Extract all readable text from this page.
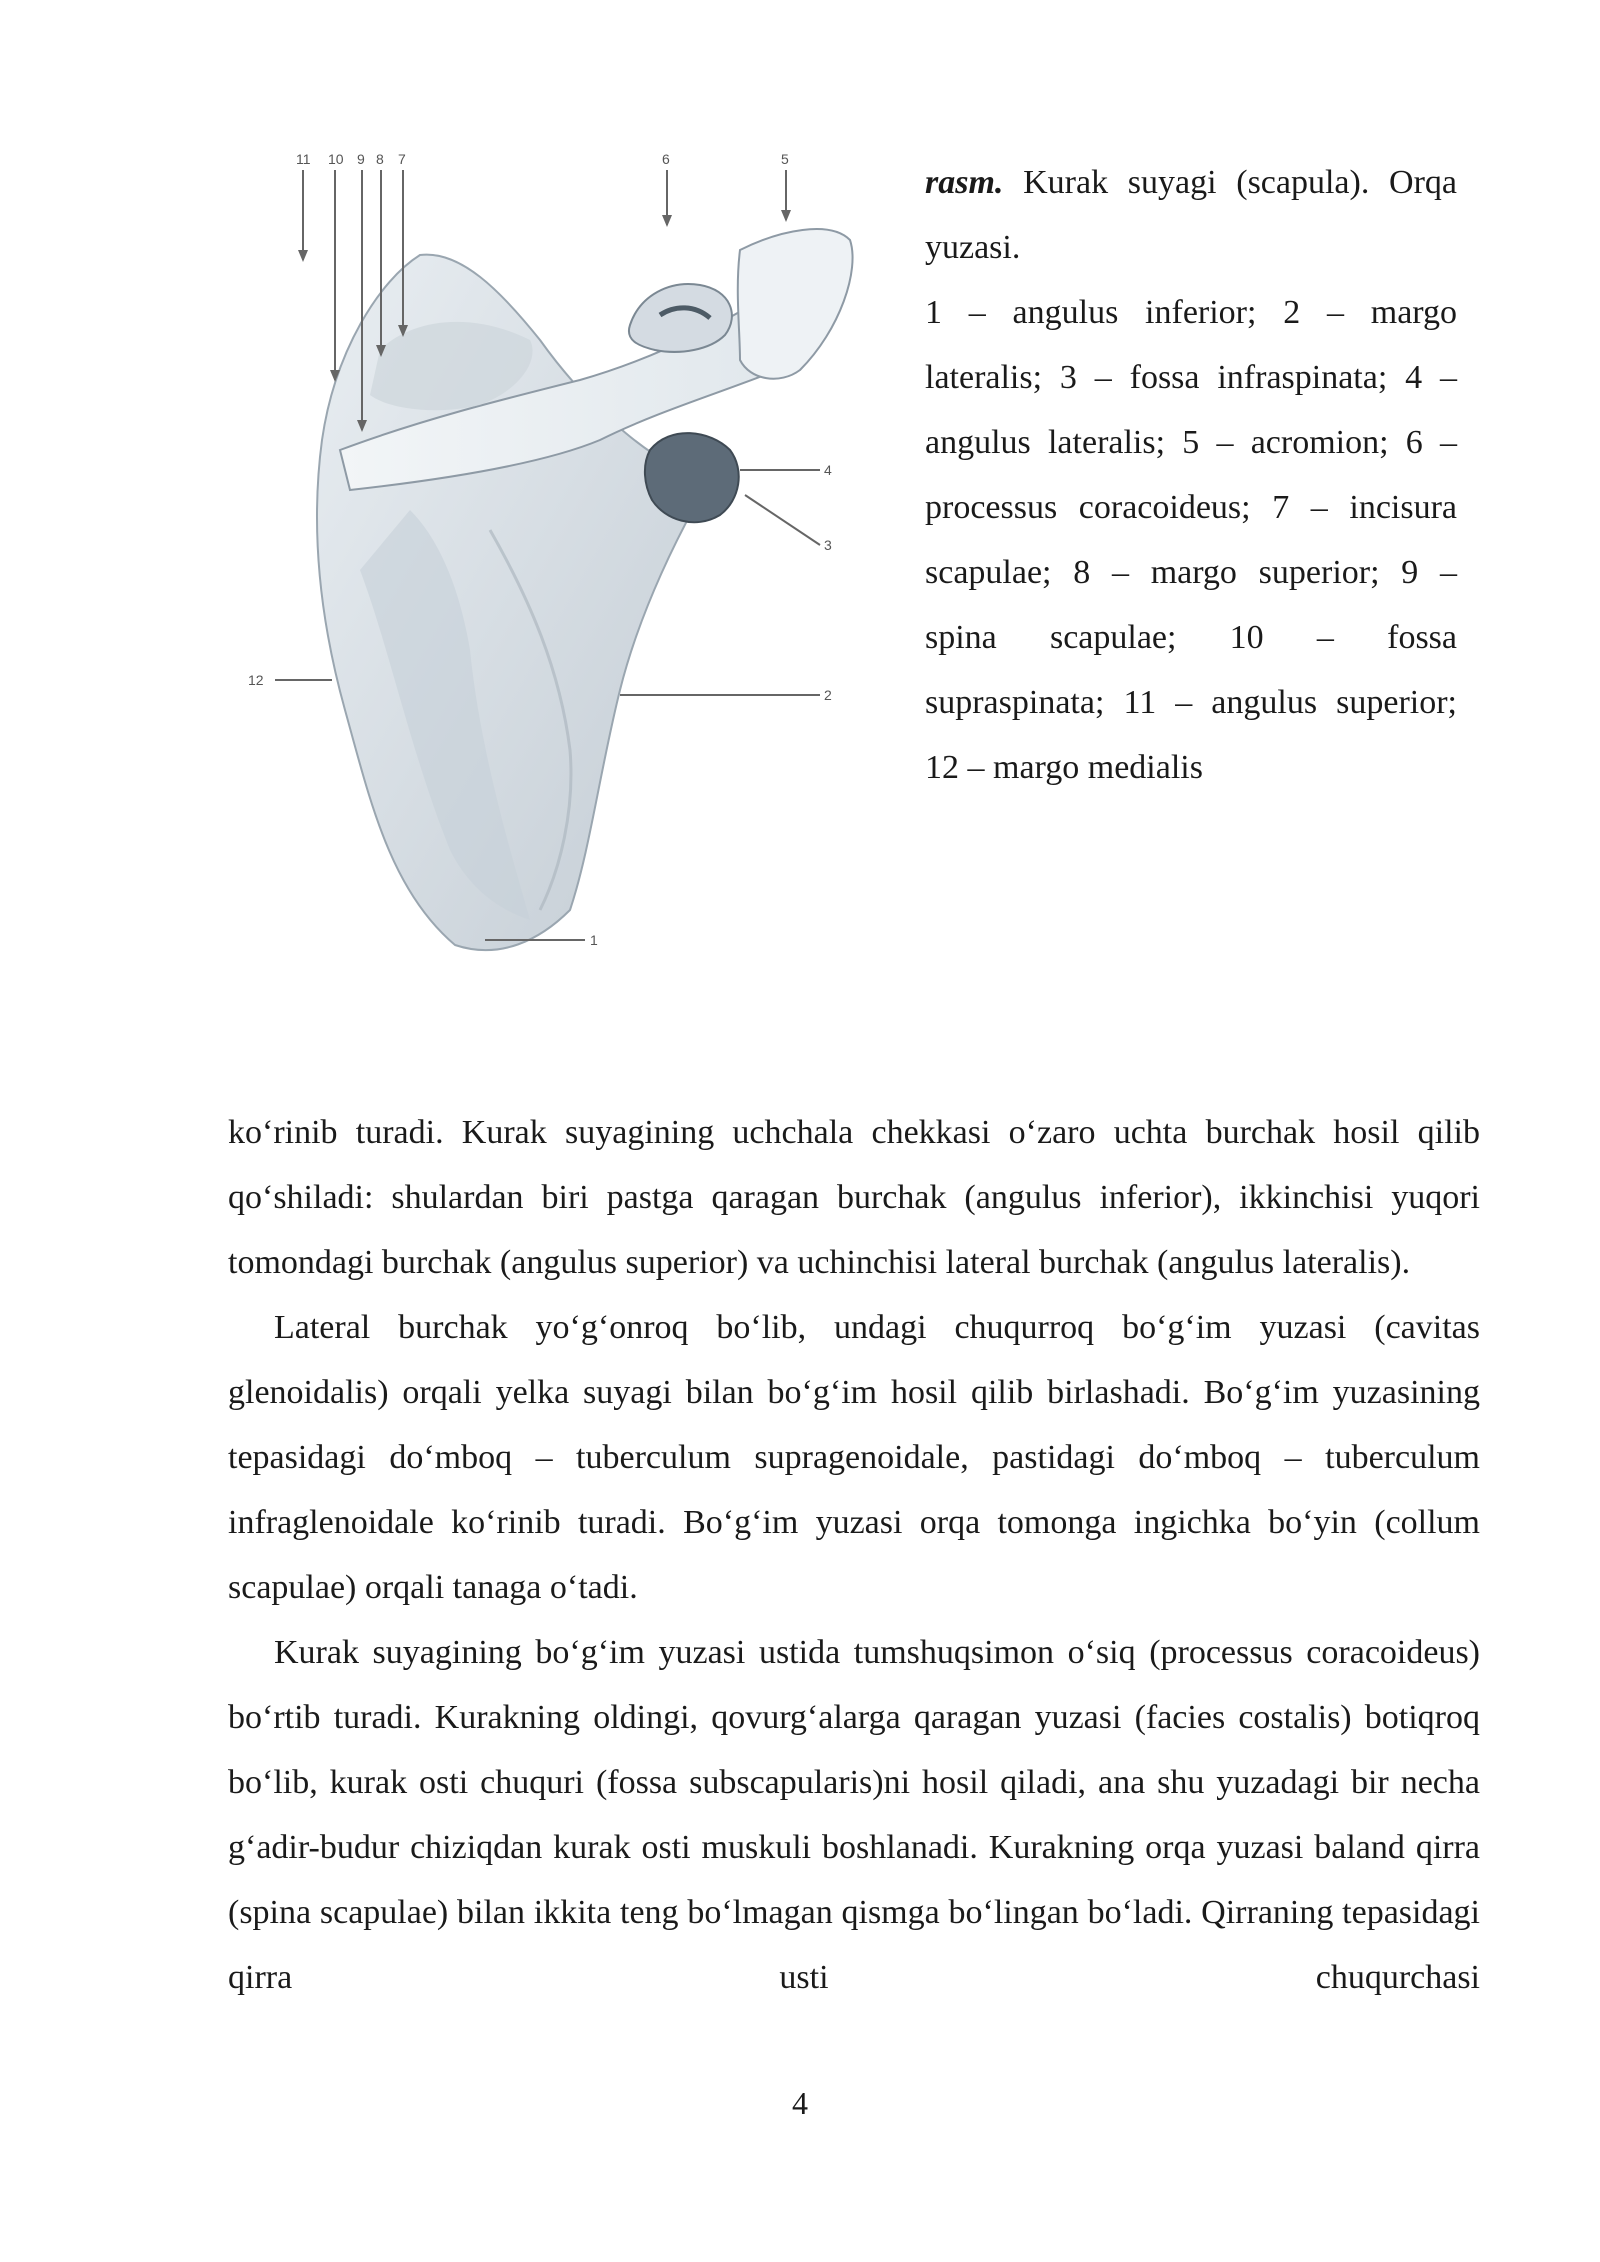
11 10 9 8 7	6	5
4
3
2
1
12

rasm. Kurak suyagi (scapula). Orqa yuzasi.

1 – angulus inferior; 2 – margo lateralis; 3 – fossa infraspinata; 4 – angulus lateralis; 5 – acromion; 6 – processus coracoideus; 7 – incisura scapulae; 8 – margo superior; 9 – spina scapulae; 10 – fossa supraspinata; 11 – angulus superior; 12 – margo medialis

ko‘rinib turadi. Kurak suyagining uchchala chekkasi o‘zaro uchta burchak hosil qilib qo‘shiladi: shulardan biri pastga qaragan burchak (angulus inferior), ikkinchisi yuqori tomondagi burchak (angulus superior) va uchinchisi lateral burchak (angulus lateralis).

Lateral burchak yo‘g‘onroq bo‘lib, undagi chuqurroq bo‘g‘im yuzasi (cavitas glenoidalis) orqali yelka suyagi bilan bo‘g‘im hosil qilib birlashadi. Bo‘g‘im yuzasining tepasidagi do‘mboq – tuberculum supragenoidale, pastidagi do‘mboq – tuberculum infraglenoidale ko‘rinib turadi. Bo‘g‘im yuzasi orqa tomonga ingichka bo‘yin (collum scapulae) orqali tanaga o‘tadi.

Kurak suyagining bo‘g‘im yuzasi ustida tumshuqsimon o‘siq (processus coracoideus) bo‘rtib turadi. Kurakning oldingi, qovurg‘alarga qaragan yuzasi (facies costalis) botiqroq bo‘lib, kurak osti chuquri (fossa subscapularis)ni hosil qiladi, ana shu yuzadagi bir necha g‘adir-budur chiziqdan kurak osti muskuli boshlanadi. Kurakning orqa yuzasi baland qirra (spina scapulae) bilan ikkita teng bo‘lmagan qismga bo‘lingan bo‘ladi. Qirraning tepasidagi qirra usti chuqurchasi

4
